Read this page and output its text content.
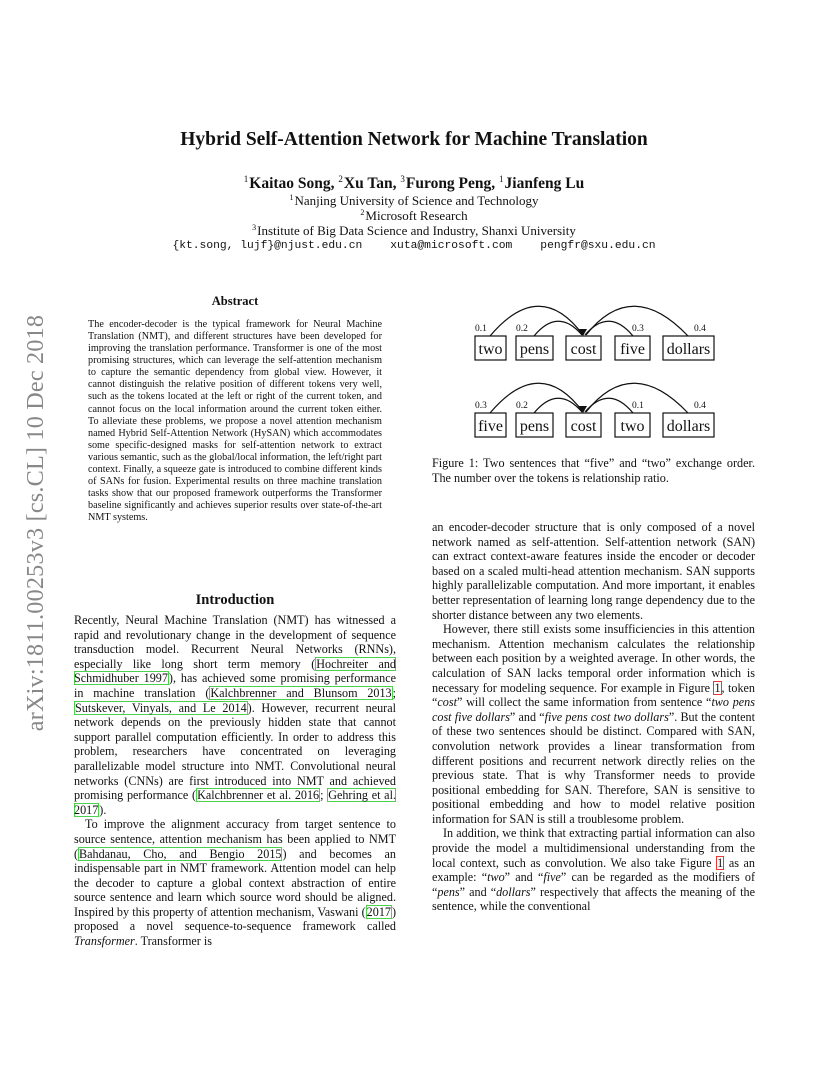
arXiv:1811.00253v3 [cs.CL] 10 Dec 2018
Hybrid Self-Attention Network for Machine Translation
$^1$Kaitao Song, $^2$Xu Tan, $^3$Furong Peng, $^1$Jianfeng Lu
$^1$Nanjing University of Science and Technology
$^2$Microsoft Research
$^3$Institute of Big Data Science and Industry, Shanxi University
{kt.song, lujf}@njust.edu.cn xuta@microsoft.com pengfr@sxu.edu.cn
Abstract
The encoder-decoder is the typical framework for Neural Machine Translation (NMT), and different structures have been developed for improving the translation performance. Transformer is one of the most promising structures, which can leverage the self-attention mechanism to capture the semantic dependency from global view. However, it cannot distinguish the relative position of different tokens very well, such as the tokens located at the left or right of the current token, and cannot focus on the local information around the current token either. To alleviate these problems, we propose a novel attention mechanism named Hybrid Self-Attention Network (HySAN) which accommodates some specific-designed masks for self-attention network to extract various semantic, such as the global/local information, the left/right part context. Finally, a squeeze gate is introduced to combine different kinds of SANs for fusion. Experimental results on three machine translation tasks show that our proposed framework outperforms the Transformer baseline significantly and achieves superior results over state-of-the-art NMT systems.
Introduction

Recently, Neural Machine Translation (NMT) has witnessed a rapid and revolutionary change in the development of sequence transduction model. Recurrent Neural Networks (RNNs), especially like long short term memory (Hochreiter and Schmidhuber 1997), has achieved some promising performance in machine translation (Kalchbrenner and Blunsom 2013; Sutskever, Vinyals, and Le 2014). However, recurrent neural network depends on the previously hidden state that cannot support parallel computation efficiently. In order to address this problem, researchers have concentrated on leveraging parallelizable model structure into NMT. Convolutional neural networks (CNNs) are first introduced into NMT and achieved promising performance (Kalchbrenner et al. 2016; Gehring et al. 2017).

To improve the alignment accuracy from target sentence to source sentence, attention mechanism has been applied to NMT (Bahdanau, Cho, and Bengio 2015) and becomes an indispensable part in NMT framework. Attention model can help the decoder to capture a global context abstraction of entire source sentence and learn which source word should be aligned. Inspired by this property of attention mechanism, Vaswani (2017) proposed a novel sequence-to-sequence framework called Transformer. Transformer is

two pens cost five dollars
five pens cost two dollars
0.1	0.2	0.3	0.4
0.3	0.2	0.1	0.4
Figure 1: Two sentences that “five” and “two” exchange order. The number over the tokens is relationship ratio.

an encoder-decoder structure that is only composed of a novel network named as self-attention. Self-attention network (SAN) can extract context-aware features inside the encoder or decoder based on a scaled multi-head attention mechanism. SAN supports highly parallelizable computation. And more important, it enables better representation of learning long range dependency due to the shorter distance between any two elements.

However, there still exists some insufficiencies in this attention mechanism. Attention mechanism calculates the relationship between each position by a weighted average. In other words, the calculation of SAN lacks temporal order information which is necessary for modeling sequence. For example in Figure 1, token “cost” will collect the same information from sentence “two pens cost five dollars” and “five pens cost two dollars”. But the content of these two sentences should be distinct. Compared with SAN, convolution network provides a linear transformation from different positions and recurrent network directly relies on the previous state. That is why Transformer needs to provide positional embedding for SAN. Therefore, SAN is sensitive to positional embedding and how to model relative position information for SAN is still a troublesome problem.

In addition, we think that extracting partial information can also provide the model a multidimensional understanding from the local context, such as convolution. We also take Figure 1 as an example: “two” and “five” can be regarded as the modifiers of “pens” and “dollars” respectively that affects the meaning of the sentence, while the conventional
